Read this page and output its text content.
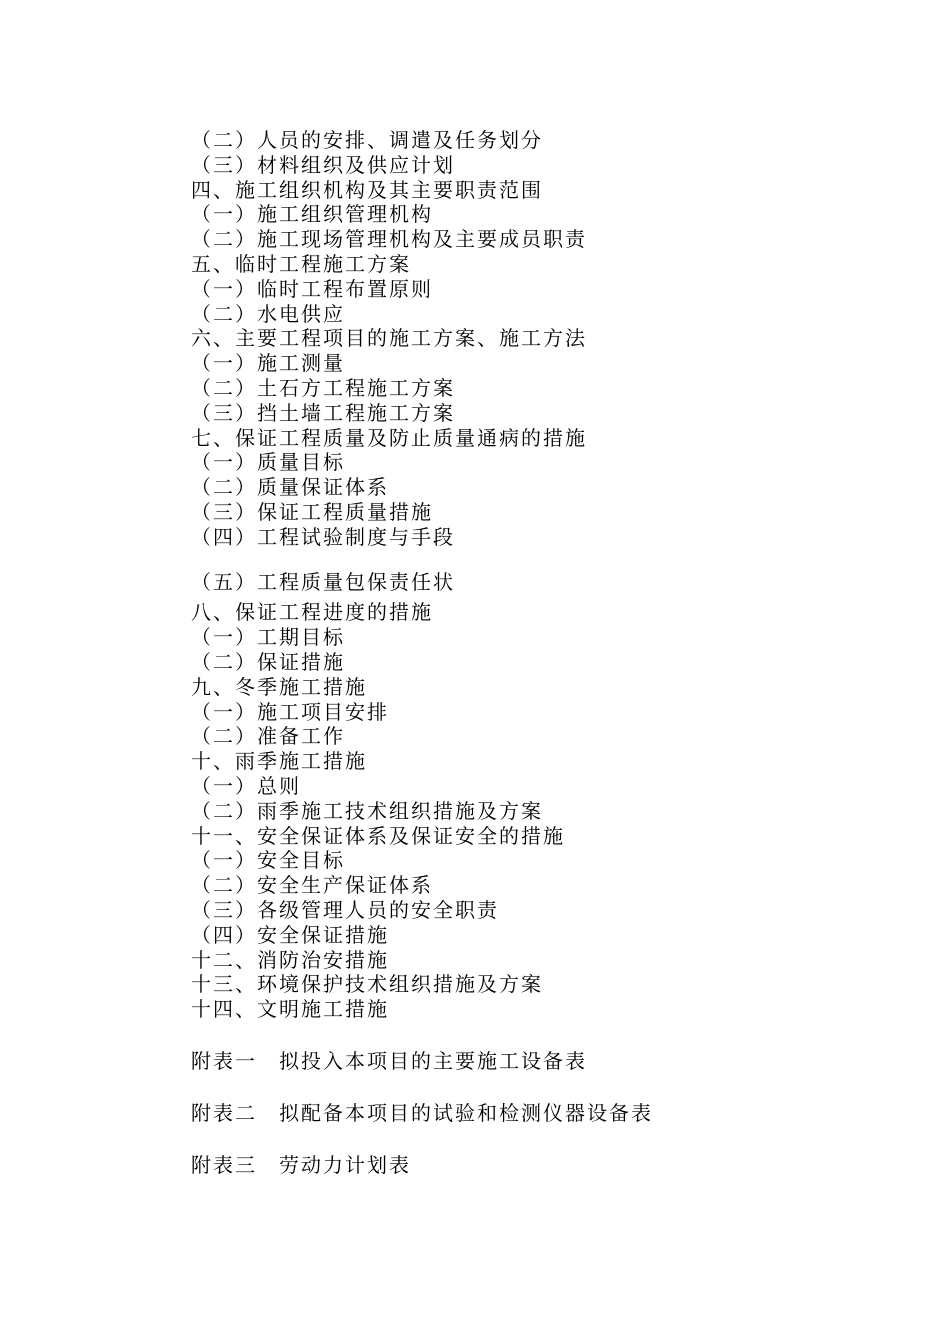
（二）人员的安排、调遣及任务划分
（三）材料组织及供应计划
四、施工组织机构及其主要职责范围
（一）施工组织管理机构
（二）施工现场管理机构及主要成员职责
五、临时工程施工方案
（一）临时工程布置原则
（二）水电供应
六、主要工程项目的施工方案、施工方法
（一）施工测量
（二）土石方工程施工方案
（三）挡土墙工程施工方案
七、保证工程质量及防止质量通病的措施
（一）质量目标
（二）质量保证体系
（三）保证工程质量措施
（四）工程试验制度与手段
（五）工程质量包保责任状
八、保证工程进度的措施
（一）工期目标
（二）保证措施
九、冬季施工措施
（一）施工项目安排
（二）准备工作
十、雨季施工措施
（一）总则
（二）雨季施工技术组织措施及方案
十一、安全保证体系及保证安全的措施
（一）安全目标
（二）安全生产保证体系
（三）各级管理人员的安全职责
（四）安全保证措施
十二、消防治安措施
十三、环境保护技术组织措施及方案
十四、文明施工措施
附表一 拟投入本项目的主要施工设备表
附表二 拟配备本项目的试验和检测仪器设备表
附表三 劳动力计划表
